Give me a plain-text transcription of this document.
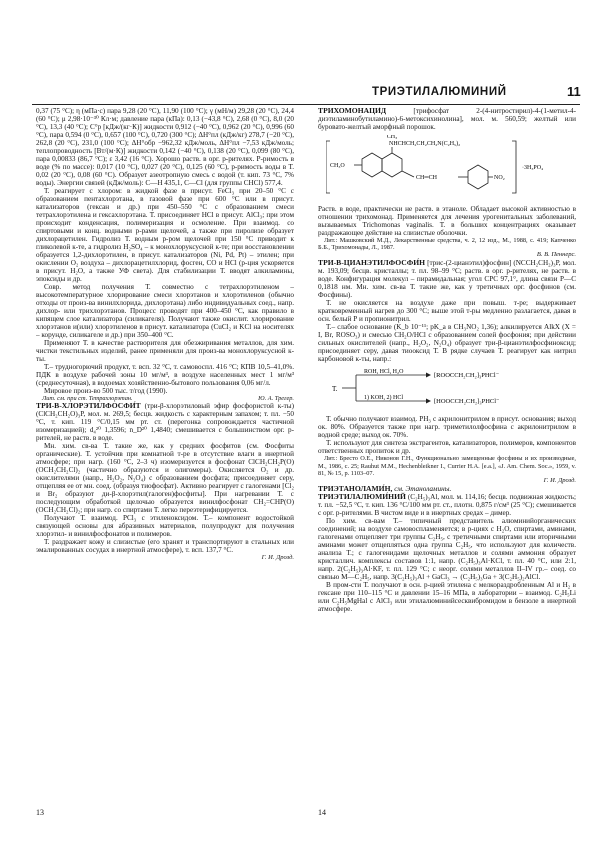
ТРИЭТИЛАЛЮМИНИЙ	11

0,37 (75 °С); η (мПа·с) пара 9,28 (20 °С), 11,90 (100 °С); γ (мН/м) 29,28 (20 °С), 24,4 (60 °С); μ 2,98·10⁻³⁰ Кл·м; давление пара (кПа): 0,13 (−43,8 °С), 2,68 (0 °С), 8,0 (20 °С), 13,3 (40 °С); C°p [кДж/(кг·К)] жидкости 0,912 (−40 °С), 0,962 (20 °С), 0,996 (60 °С), пара 0,594 (0 °С), 0,657 (100 °С), 0,720 (300 °С); ΔH°пл (кДж/кг) 278,7 (−20 °С), 262,8 (20 °С), 231,0 (100 °С); ΔH°обр −962,32 кДж/моль, ΔH°пл −7,53 кДж/моль; теплопроводность [Вт/(м·К)] жидкости 0,142 (−40 °С), 0,138 (20 °С), 0,099 (80 °С), пара 0,00833 (86,7 °С); ε 3,42 (16 °С). Хорошо раств. в орг. р-рителях. Р-римость в воде (% по массе): 0,017 (10 °С), 0,027 (20 °С), 0,125 (60 °С), р-римость воды в Т. 0,02 (20 °С), 0,08 (60 °С). Образует азеотропную смесь с водой (т. кип. 73 °С, 7% воды). Энергии связей (кДж/моль): С—Н 435,1, С—Cl (для группы CHCl) 577,4.

Т. реагирует с хлором: в жидкой фазе в присут. FeCl₃ при 20–50 °С с образованием пентахлорэтана, в газовой фазе при 600 °С или в присут. катализаторов (гексан и др.) при 450–550 °С с образованием смеси тетрахлорэтилена и гексахлорэтана. Т. присоединяет HCl в присут. AlCl₃; при этом происходит конденсация, полимеризация и осмоление. При взаимод. со спиртовыми и конц. водными р-рами щелочей, а также при пиролизе образует дихлорацетилен. Гидролиз Т. водным р-ром щелочей при 150 °С приводит к гликолевой к-те, а гидролиз H₂SO₄ – к монохлоруксусной к-те; при восстановлении образуется 1,2-дихлорэтилен, в присут. катализаторов (Ni, Pd, Pt) – этилен; при окислении O₂ воздуха – дихлорацетилхлорид, фосген, CO и HCl (р-ция ускоряется в присут. H₂O, а также УФ света). Для стабилизации Т. вводят алкиламины, эпоксиды и др.

Совр. метод получения Т. совместно с тетрахлорэтиленом – высокотемпературное хлорирование смеси хлорэтанов и хлорэтиленов (обычно отходы от произ-ва винилхлорида, дихлорэтана) либо индивидуальных соед., напр. дихлор- или трихлорэтанов. Процесс проводят при 400–450 °С, как правило в кипящем слое катализатора (силикагеля). Получают также окислит. хлорирование хлорэтанов и(или) хлорэтиленов в присут. катализатора (CuCl₂ и KCl на носителях – корунде, силикагеле и др.) при 350–400 °С.

Применяют Т. в качестве растворителя для обезжиривания металлов, для хим. чистки текстильных изделий, ранее применяли для произ-ва монохлоруксусной к-ты.

Т.– трудногорючий продукт, т. всп. 32 °С, т. самовоспл. 416 °С; КПВ 10,5–41,0%. ПДК в воздухе рабочей зоны 10 мг/м³, в воздухе населенных мест 1 мг/м³ (среднесуточная), в водоемах хозяйственно-бытового пользования 0,06 мг/л.

Мировое произ-во 500 тыс. т/год (1990).

Лит. см. при ст. Тетрахлорэтан.	Ю. А. Трегер.

ТРИ-Β-ХЛОРЭТИЛФОСФИ́Т (три-β-хлорэтиловый эфир фосфористой к-ты) (ClCH₂CH₂O)₃P, мол. м. 269,5; бесцв. жидкость с характерным запахом; т. пл. −50 °С, т. кип. 119 °С/0,15 мм рт. ст. (перегонка сопровождается частичной изомеризацией); d₄²⁰ 1,3596; n_D²⁰ 1,4840; смешивается с большинством орг. р-рителей, не раств. в воде.

Мн. хим. св-ва Т. такие же, как у средних фосфитов (см. Фосфиты органические). Т. устойчив при комнатной т-ре в отсутствие влаги в инертной атмосфере; при нагр. (160 °С, 2–3 ч) изомеризуется в фосфонат ClCH₂CH₂P(O)(OCH₂CH₂Cl)₂ (частично образуются и олигомеры). Окисляется O₂ и др. окислителями (напр., H₂O₂, N₂O₄) с образованием фосфата; присоединяет серу, отщепляя ее от мн. соед. (образуя тиофосфат). Активно реагирует с галогенами [Cl₂ и Br₂ образуют ди-β-хлорэтил(галоген)фосфиты]. При нагревании Т. с последующим обработкой щелочью образуется винилфосфонат CH₂=CHP(O)(OCH₂CH₂Cl)₂; при нагр. со спиртами Т. легко переэтерифицируется.

Получают Т. взаимод. PCl₃ с этиленоксидом. Т.– компонент водостойкой связующей основы для абразивных материалов, полупродукт для получения хлорэтил- и винилфосфонатов и полимеров.

Т. раздражает кожу и слизистые (его хранят и транспортируют в стальных или эмалированных сосудах в инертной атмосфере), т. всп. 137,7 °С.

Г. И. Дрозд.

ТРИХОМОНАЦИ́Д	[трифосфат 2-(4-нитростирил)-4-(1-метил-4-диэтиламинобутиламино)-6-метоксихинолина], мол. м. 560,59; желтый или буровато-желтый аморфный порошок.

CH₃
NHCHCH₂CH₂CH₂N(C₂H₅)₂
CH₃O
CH═CH	NO₂
·3H₃PO₄

Раств. в воде, практически не раств. в этаноле. Обладает высокой активностью в отношении трихомонад. Применяется для лечения урогенитальных заболеваний, вызываемых Trichomonas vaginalis. Т. в больших концентрациях оказывает раздражающее действие на слизистые оболочки.

Лит.: Машковский М.Д., Лекарственные средства, ч. 2, 12 изд., М., 1988, с. 419; Капченко Б.Б., Трихомонады, Л., 1987.

В. В. Пеннерс.

ТРИ-Β-ЦИАНЭТИЛФОСФИ́Н [трис-(2-цианэтил)фосфин] (NCCH₂CH₂)₃P, мол. м. 193,09; бесцв. кристаллы; т. пл. 98–99 °С; раств. в орг. р-рителях, не раств. в воде. Конфигурация молекул – пирамидальная; угол CPC 97,1°, длина связи P—C 0,1818 нм. Мн. хим. св-ва Т. такие же, как у третичных орг. фосфинов (см. Фосфины).

Т. не окисляется на воздухе даже при повыш. т-ре; выдерживает кратковременный нагрев до 300 °С; выше этой т-ры медленно разлагается, давая в осн. белый Р и пропионитрил.

Т.– слабое основание (K_b 10⁻¹¹; pK_a в CH₃NO₂ 1,36); алкилируется AlkX (X = I, Br, ROSO₃) и смесью CH₂O/HCl с образованием солей фосфония; при действии сильных окислителей (напр., H₂O₂, N₂O₄) образует три-β-цианэтилфосфиноксид; присоединяет серу, давая тиооксид Т. В рядке случаев Т. реагирует как нитрил карбоновой к-ты, напр.:

T.
ROH, HCl, H₂O
1) KOH, 2) HCl
[ROOCCH₂CH₂]₃PHCl⁻
[HOOCCH₂CH₂]₃PHCl⁻

Т. обычно получают взаимод. PH₃ с акрилонитрилом в присут. основания; выход ок. 80%. Образуется также при нагр. триметилолфосфина с акрилонитрилом в водной среде; выход ок. 70%.

Т. используют для синтеза экстрагентов, катализаторов, полимеров, компонентов ответственных пропиток и др.

Лит.: Бресто О.Е., Никонов Г.Н., Функционально замещенные фосфины и их производные, М., 1986, с. 25; Rauhut M.M., Hechenbleikner I., Currier H.A. [e.a.], «J. Am. Chem. Soc.», 1959, v. 81, № 15, p. 1103–07.

Г. И. Дрозд.

ТРИЭТАНОЛАМИ́Н, см. Этаноламины.

ТРИЭТИЛАЛЮМИ́НИЙ (C₂H₅)₃Al, мол. м. 114,16; бесцв. подвижная жидкость; т. пл. −52,5 °С, т. кип. 136 °С/100 мм рт. ст., плотн. 0,875 г/см³ (25 °С); смешивается с орг. р-рителями. В чистом виде и в инертных средах – димер.

По хим. св-вам Т.– типичный представитель алюминийорганических соединений; на воздухе самовоспламеняется; в р-циях с H₂O, спиртами, аминами, галогенами отщепляет три группы C₂H₅, с третичными спиртами или вторичными аминами может отщепляться одна группа C₂H₅, что используют для количеств. анализа Т.; с галогенидами щелочных металлов и солями аммония образует кристаллич. комплексы составов 1:1, напр. (C₂H₅)₃Al·KCl, т. пл. 40 °С, или 2:1, напр. 2(C₂H₅)₃Al·KF, т. пл. 129 °С; с неорг. солями металлов II–IV гр.– соед. со связью M—C₂H₅, напр. 3(C₂H₅)₃Al + GaCl₃ → (C₂H₅)₃Ga + 3(C₂H₅)₂AlCl.

В пром-сти Т. получают в осн. р-цией этилена с мелкораздробленным Al и H₂ в гексане при 110–115 °С и давлении 15–16 МПа, в лаборатории – взаимод. C₂H₅Li или C₂H₅MgHal с AlCl₃ или этилалюминийсесквибромидом в бензоле в инертной атмосфере.

13	14
